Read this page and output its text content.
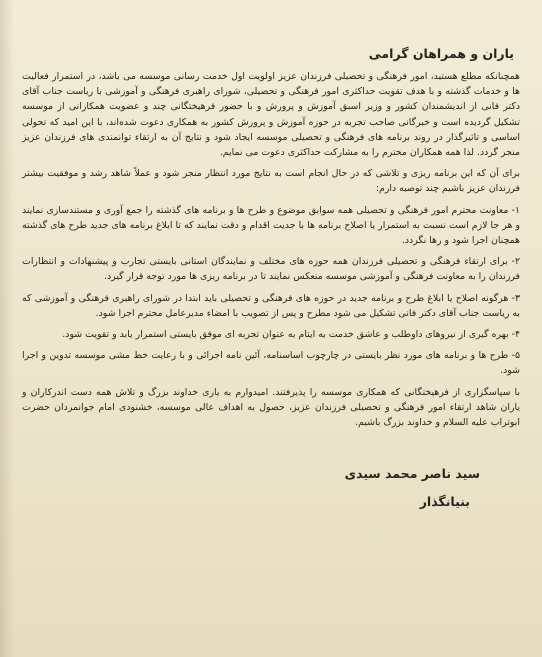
یاران و همراهان گرامی

همچنانکه مطلع هستید، امور فرهنگی و تحصیلی فرزندان عزیز اولویت اول خدمت رسانی موسسه می باشد، در استمرار فعالیت ها و خدمات گذشته و با هدف تقویت حداکثری امور فرهنگی و تحصیلی، شورای راهبری فرهنگی و آموزشی با ریاست جناب آقای دکتر فانی از اندیشمندان کشور و وزیر اسبق آموزش و پرورش و با حضور فرهیختگانی چند و عضویت همکارانی از موسسه تشکیل گردیده است و خبرگانی صاحب تجربه در حوزه آموزش و پرورش کشور به همکاری دعوت شده‌اند، با این امید که تحولی اساسی و تاثیرگذار در روند برنامه های فرهنگی و تحصیلی موسسه ایجاد شود و نتایج آن به ارتقاء توانمندی های فرزندان عزیز منجر گردد. لذا همه همکاران محترم را به مشارکت حداکثری دعوت می نمایم.

برای آن که این برنامه ریزی و تلاشی که در حال انجام است به نتایج مورد انتظار منجر شود و عملاً شاهد رشد و موفقیت بیشتر فرزندان عزیز باشیم چند توصیه دارم:

۱- معاونت محترم امور فرهنگی و تحصیلی همه سوابق موضوع و طرح ها و برنامه های گذشته را جمع آوری و مستندسازی نمایند و هر جا لازم است نسبت به استمرار یا اصلاح برنامه ها با جدیت اقدام و دقت نمایند که تا ابلاغ برنامه های جدید طرح های گذشته همچنان اجرا شود و رها نگردد.

۲- برای ارتقاء فرهنگی و تحصیلی فرزندان همه حوزه های مختلف و نمایندگان استانی بایستی تجارب و پیشنهادات و انتظارات فرزندان را به معاونت فرهنگی و آموزشی موسسه منعکس نمایند تا در برنامه ریزی ها مورد توجه قرار گیرد.

۳- هرگونه اصلاح یا ابلاغ طرح و برنامه جدید در حوزه های فرهنگی و تحصیلی باید ابتدا در شورای راهبری فرهنگی و آموزشی که به ریاست جناب آقای دکتر فانی تشکیل می شود مطرح و پس از تصویب با امضاء مدیرعامل محترم اجرا شود.

۴- بهره گیری از نیروهای داوطلب و عاشق خدمت به ایتام به عنوان تجربه ای موفق بایستی استمرار یابد و تقویت شود.

۵- طرح ها و برنامه های مورد نظر بایستی در چارچوب اساسنامه، آئین نامه اجرائی و با رعایت خط مشی موسسه تدوین و اجرا شود.

با سپاسگزاری از فرهیختگانی که همکاری موسسه را پذیرفتند. امیدوارم به یاری خداوند بزرگ و تلاش همه دست اندرکاران و یاران شاهد ارتقاء امور فرهنگی و تحصیلی فرزندان عزیز، حصول به اهداف عالی موسسه، خشنودی امام جوانمردان حضرت ابوتراب علیه السلام و خداوند بزرگ باشیم.

سید ناصر محمد سیدی
بنیانگذار
